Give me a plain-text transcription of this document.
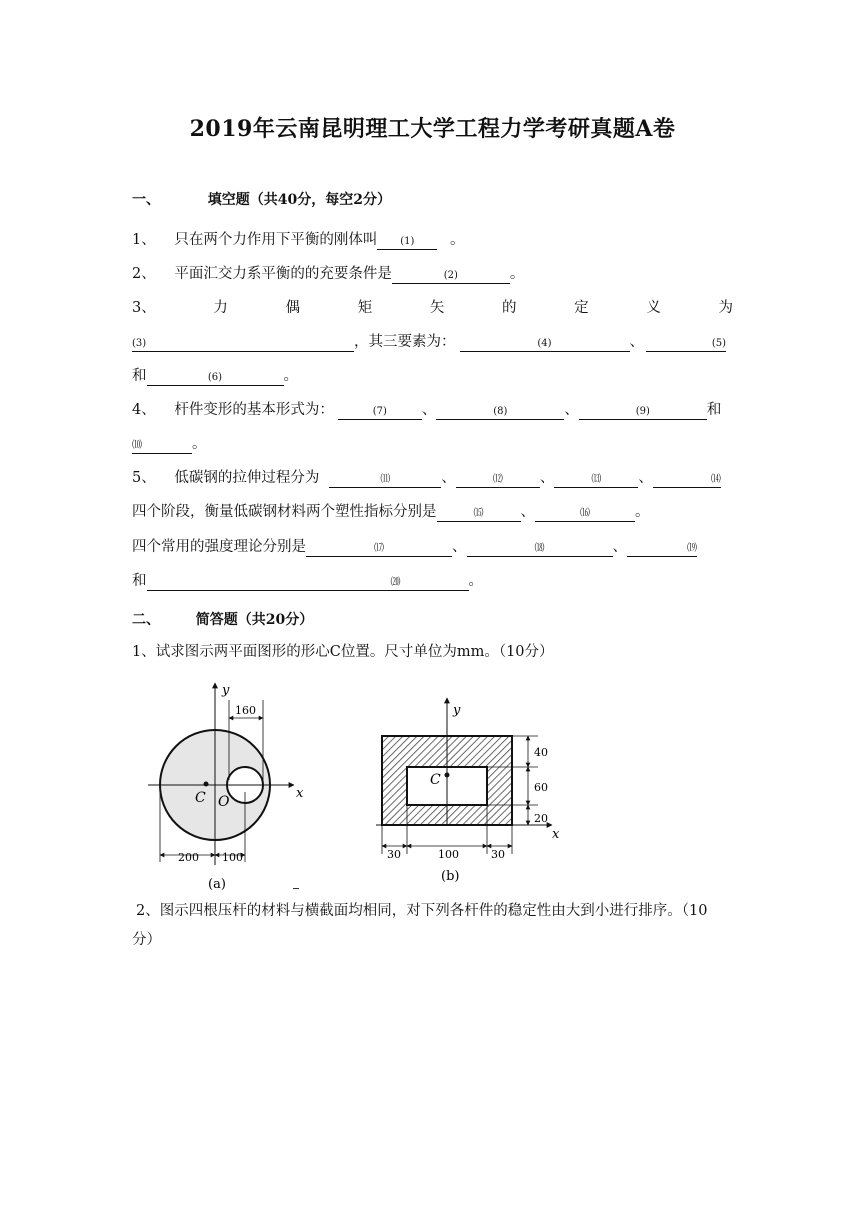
2019年云南昆明理工大学工程力学考研真题A卷
一、	填空题（共40分，每空2分）
1、 只在两个力作用下平衡的刚体叫 (1) 。
2、 平面汇交力系平衡的的充要条件是	(2)	。
3、	力	偶	矩	矢	的	定	义	为
(3)	，其三要素为：	(4)	、	(5)
和	(6)	。
4、 杆件变形的基本形式为：	(7) 、	(8)	、	(9)	和
⑽	。
5、 低碳钢的拉伸过程分为	⑾	、	⑿	、	⒀	、	⒁
四个阶段，衡量低碳钢材料两个塑性指标分别是	⒂	、	⒃	。
四个常用的强度理论分别是	⒄	、	⒅	、	⒆
和	⒇	。
二、	简答题（共20分）
1、试求图示两平面图形的形心C位置。尺寸单位为mm。（10分）
y
x
C O
160
200 100
(a)
y
x
C
40
60
20
30	100	30
(b)
2、图示四根压杆的材料与横截面均相同，对下列各杆件的稳定性由大到小进行排序。（10
分）
